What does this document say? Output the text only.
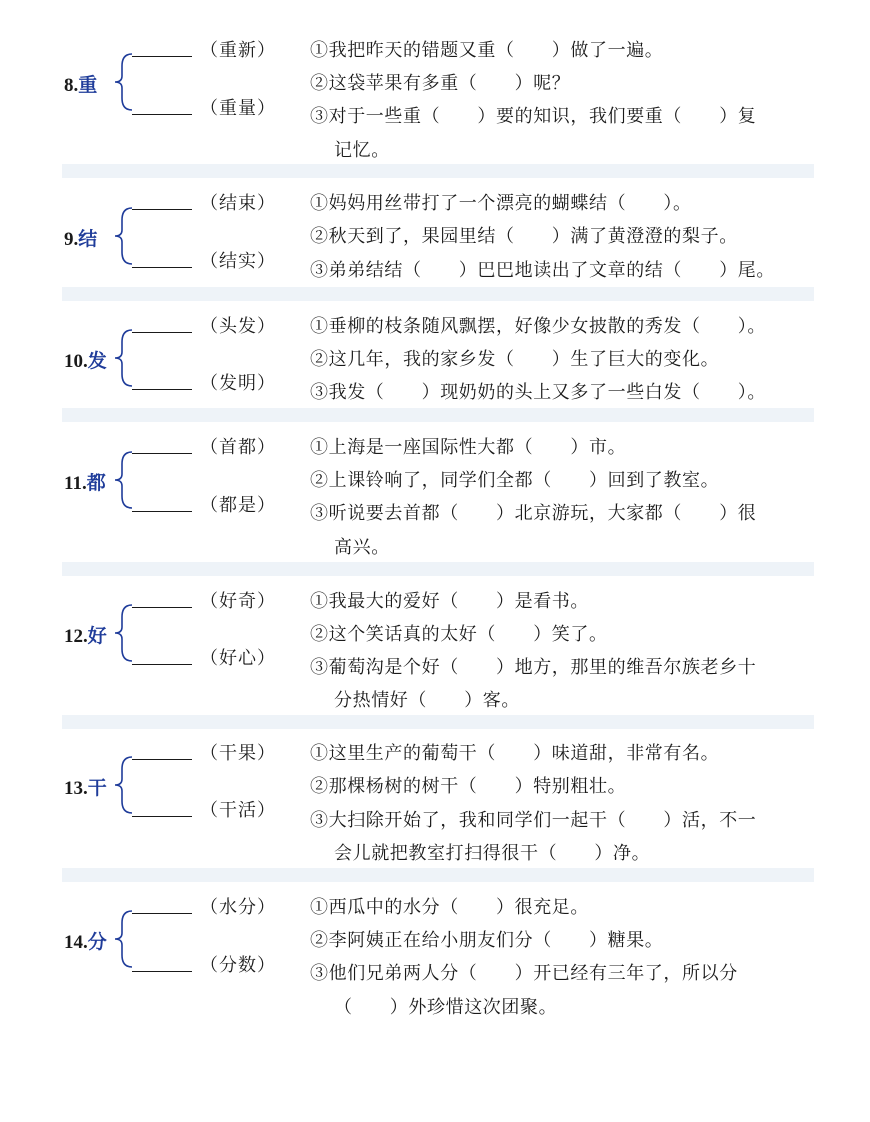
8.重
（重新）
（重量）
①我把昨天的错题又重（　　）做了一遍。
②这袋苹果有多重（　　）呢？
③对于一些重（　　）要的知识，我们要重（　　）复
记忆。
9.结
（结束）
（结实）
①妈妈用丝带打了一个漂亮的蝴蝶结（　　）。
②秋天到了，果园里结（　　）满了黄澄澄的梨子。
③弟弟结结（　　）巴巴地读出了文章的结（　　）尾。
10.发
（头发）
（发明）
①垂柳的枝条随风飘摆，好像少女披散的秀发（　　）。
②这几年，我的家乡发（　　）生了巨大的变化。
③我发（　　）现奶奶的头上又多了一些白发（　　）。
11.都
（首都）
（都是）
①上海是一座国际性大都（　　）市。
②上课铃响了，同学们全都（　　）回到了教室。
③听说要去首都（　　）北京游玩，大家都（　　）很
高兴。
12.好
（好奇）
（好心）
①我最大的爱好（　　）是看书。
②这个笑话真的太好（　　）笑了。
③葡萄沟是个好（　　）地方，那里的维吾尔族老乡十
分热情好（　　）客。
13.干
（干果）
（干活）
①这里生产的葡萄干（　　）味道甜，非常有名。
②那棵杨树的树干（　　）特别粗壮。
③大扫除开始了，我和同学们一起干（　　）活，不一
会儿就把教室打扫得很干（　　）净。
14.分
（水分）
（分数）
①西瓜中的水分（　　）很充足。
②李阿姨正在给小朋友们分（　　）糖果。
③他们兄弟两人分（　　）开已经有三年了，所以分
（　　）外珍惜这次团聚。
